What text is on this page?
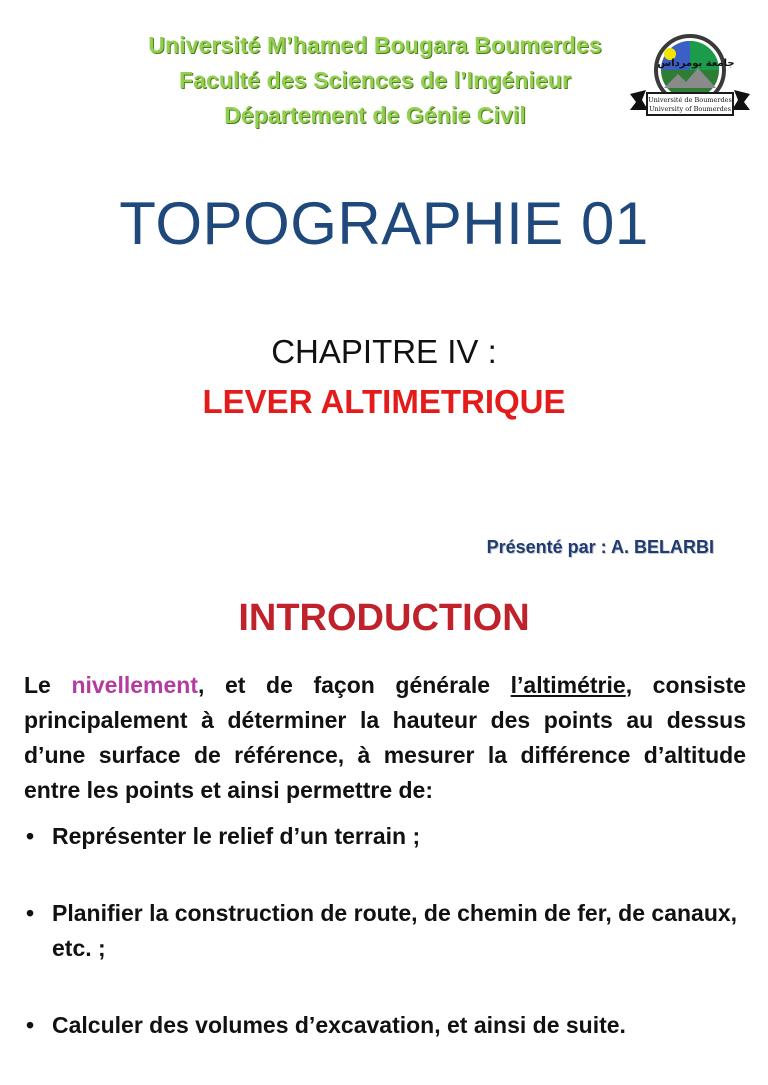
Université M’hamed Bougara Boumerdes
Faculté des Sciences de l’Ingénieur
Département de Génie Civil
جامعة بومرداس
Université de Boumerdes
University of Boumerdes
TOPOGRAPHIE 01
CHAPITRE IV :
LEVER ALTIMETRIQUE
Présenté par : A. BELARBI
INTRODUCTION
Le nivellement, et de façon générale l’altimétrie, consiste principalement à déterminer la hauteur des points au dessus d’une surface de référence, à mesurer la différence d’altitude entre les points et ainsi permettre de:
• Représenter le relief d’un terrain ;
• Planifier la construction de route, de chemin de fer, de canaux, etc. ;
• Calculer des volumes d’excavation, et ainsi de suite.
